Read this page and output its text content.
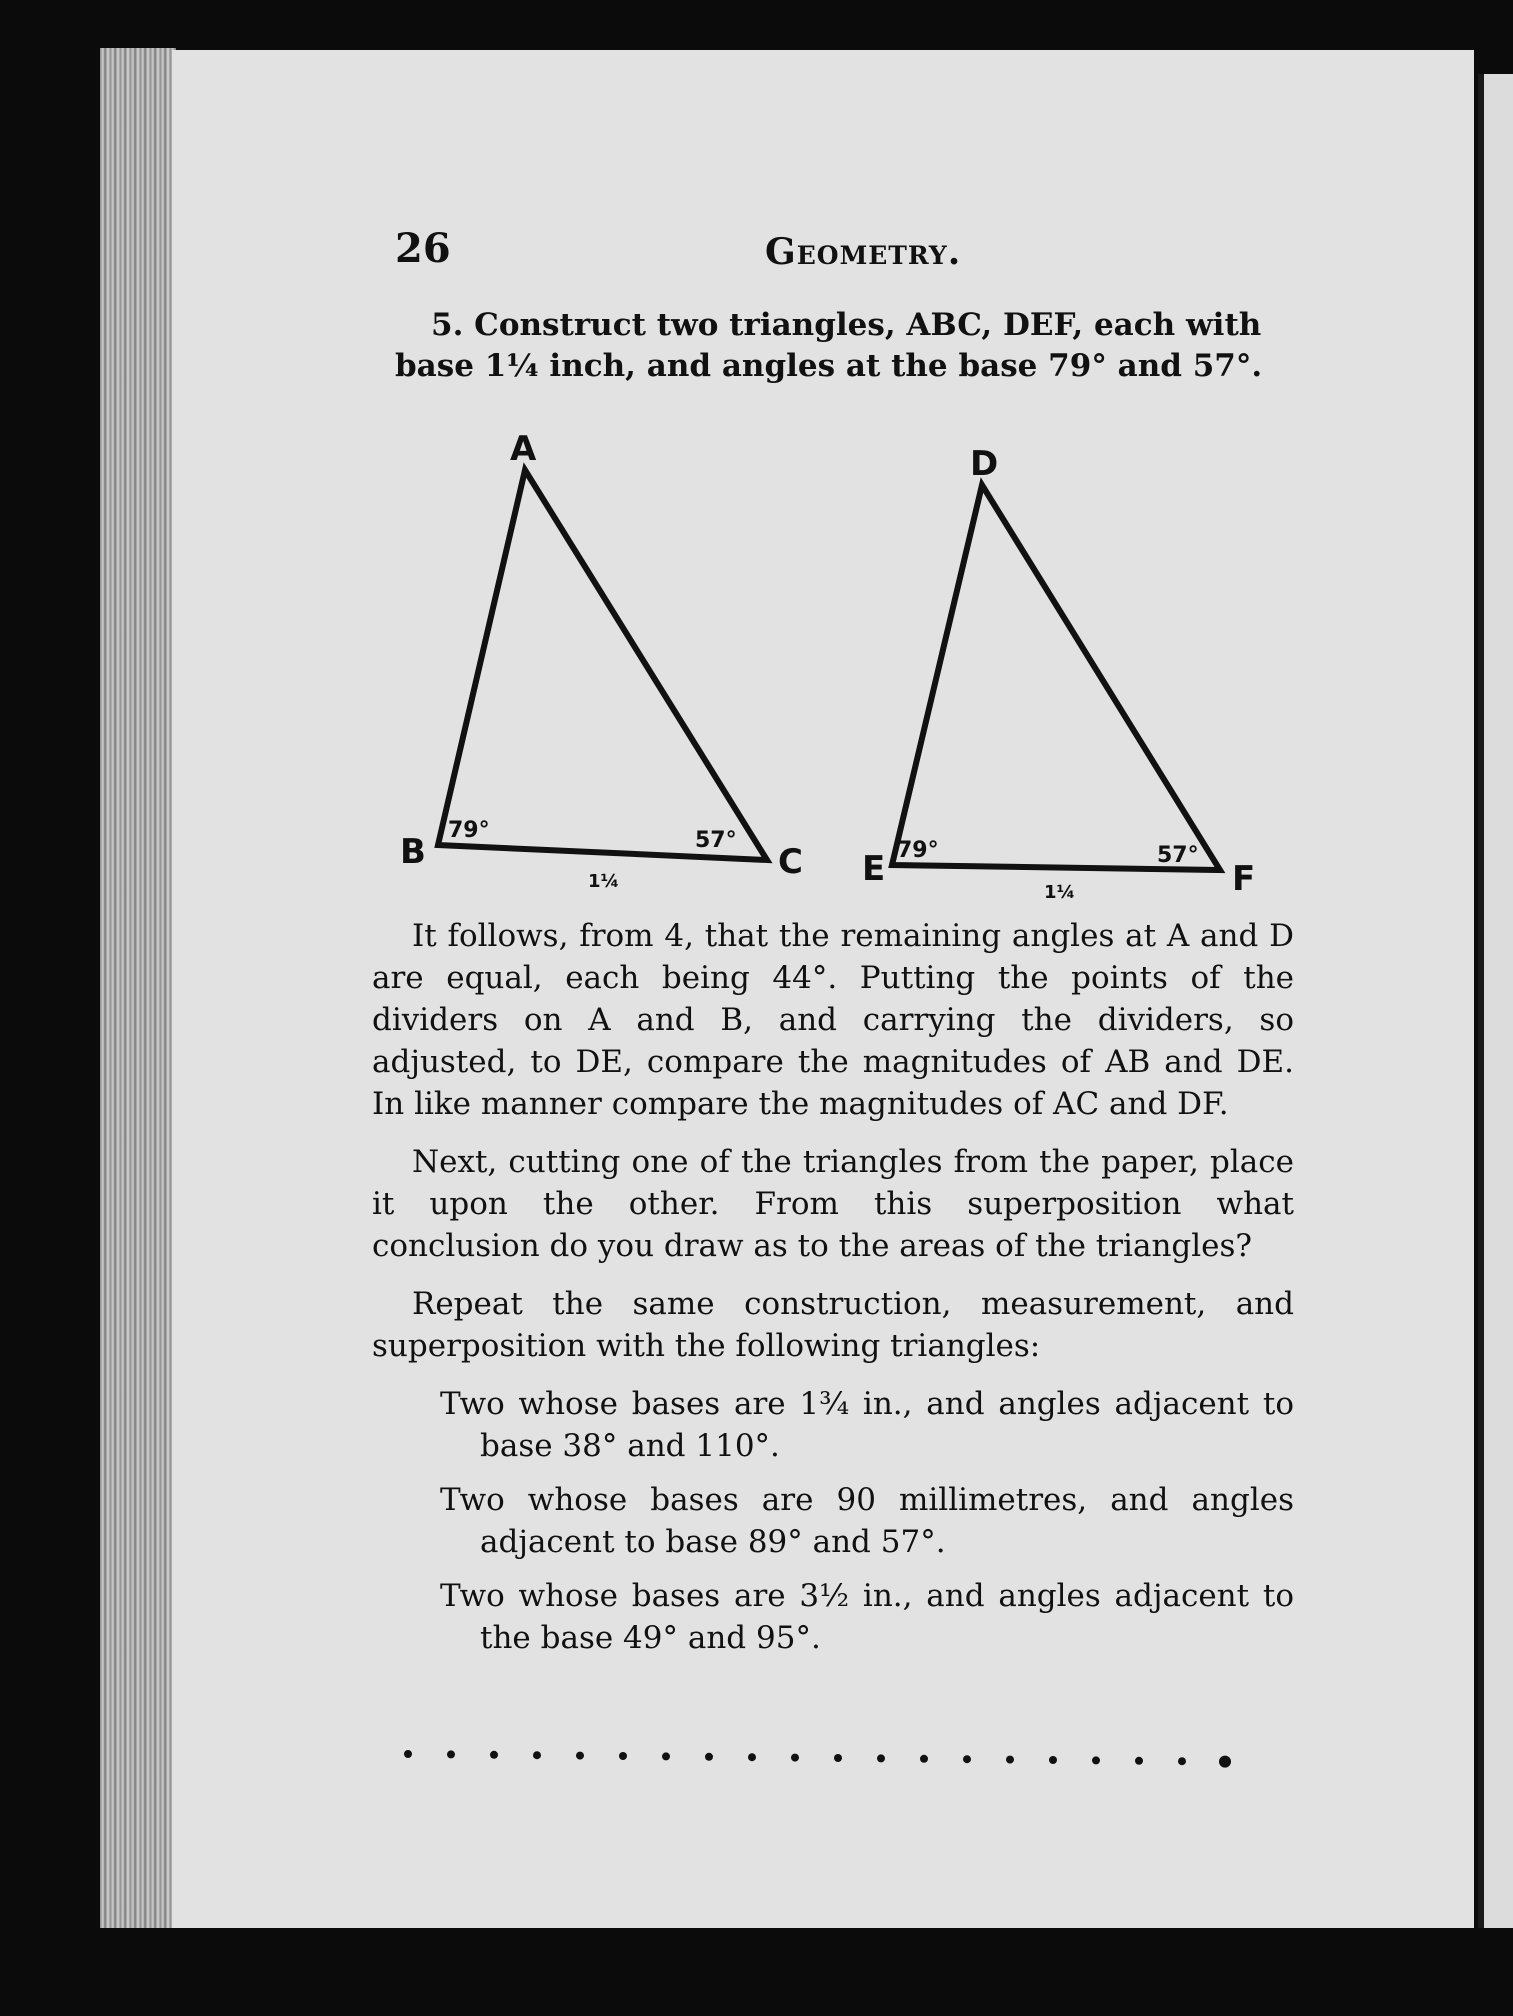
26	Geometry.
5. Construct two triangles, ABC, DEF, each with base 1¼ inch, and angles at the base 79° and 57°.
A
B	C
79°	57°
1¼
D
E	F
79°	57°
1¼

It follows, from 4, that the remaining angles at A and D are equal, each being 44°. Putting the points of the dividers on A and B, and carrying the dividers, so adjusted, to DE, compare the magnitudes of AB and DE. In like manner compare the magnitudes of AC and DF.

Next, cutting one of the triangles from the paper, place it upon the other. From this superposition what conclusion do you draw as to the areas of the triangles?

Repeat the same construction, measurement, and superposition with the following triangles:

Two whose bases are 1¾ in., and angles adjacent to base 38° and 110°.

Two whose bases are 90 millimetres, and angles adjacent to base 89° and 57°.

Two whose bases are 3½ in., and angles adjacent to the base 49° and 95°.
